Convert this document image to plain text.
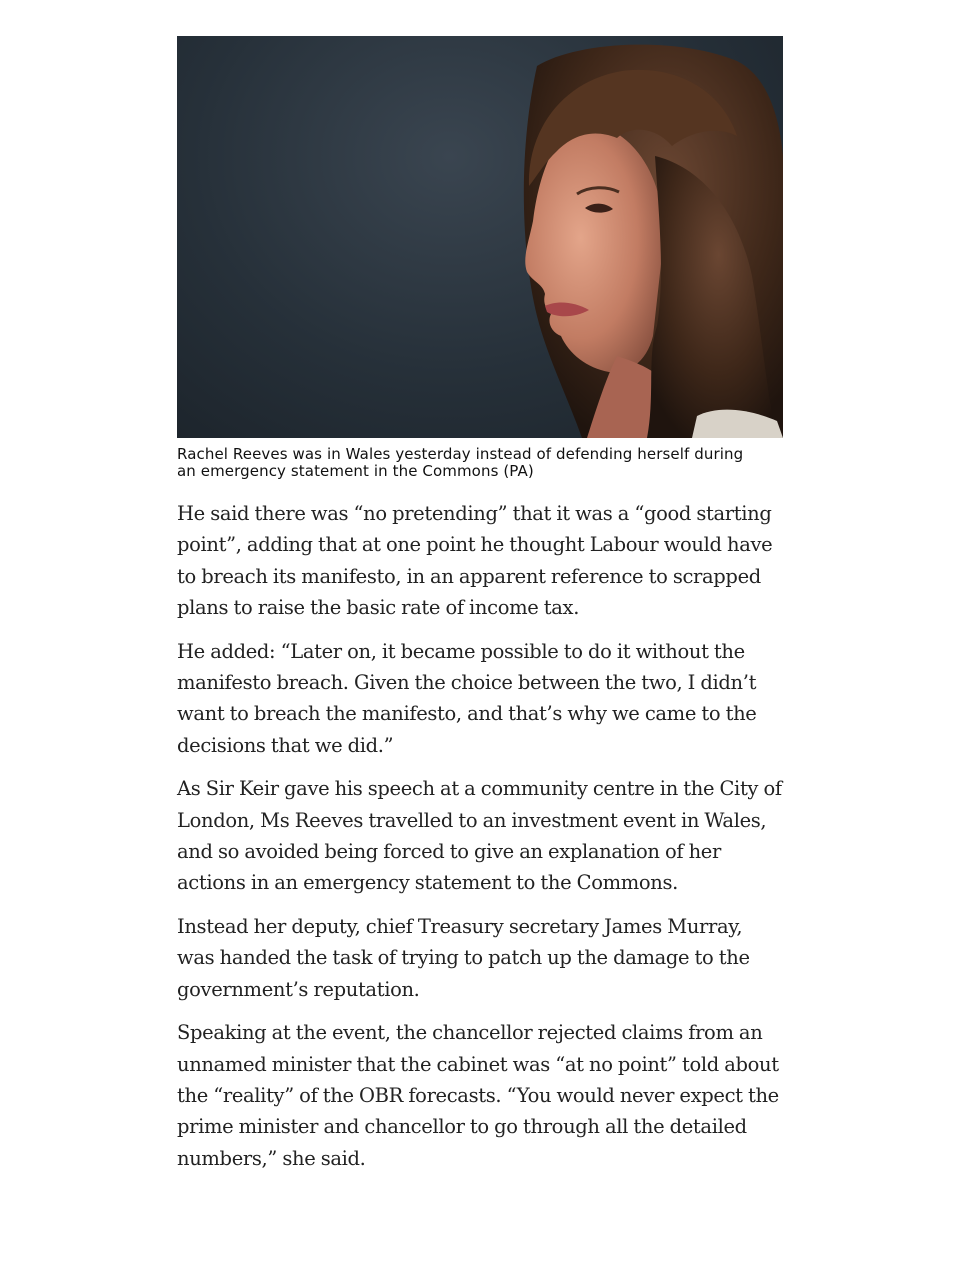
Rachel Reeves was in Wales yesterday instead of defending herself during an emergency statement in the Commons (PA)

He said there was “no pretending” that it was a “good starting point”, adding that at one point he thought Labour would have to breach its manifesto, in an apparent reference to scrapped plans to raise the basic rate of income tax.

He added: “Later on, it became possible to do it without the manifesto breach. Given the choice between the two, I didn’t want to breach the manifesto, and that’s why we came to the decisions that we did.”

As Sir Keir gave his speech at a community centre in the City of London, Ms Reeves travelled to an investment event in Wales, and so avoided being forced to give an explanation of her actions in an emergency statement to the Commons.

Instead her deputy, chief Treasury secretary James Murray, was handed the task of trying to patch up the damage to the government’s reputation.

Speaking at the event, the chancellor rejected claims from an unnamed minister that the cabinet was “at no point” told about the “reality” of the OBR forecasts. “You would never expect the prime minister and chancellor to go through all the detailed numbers,” she said.
